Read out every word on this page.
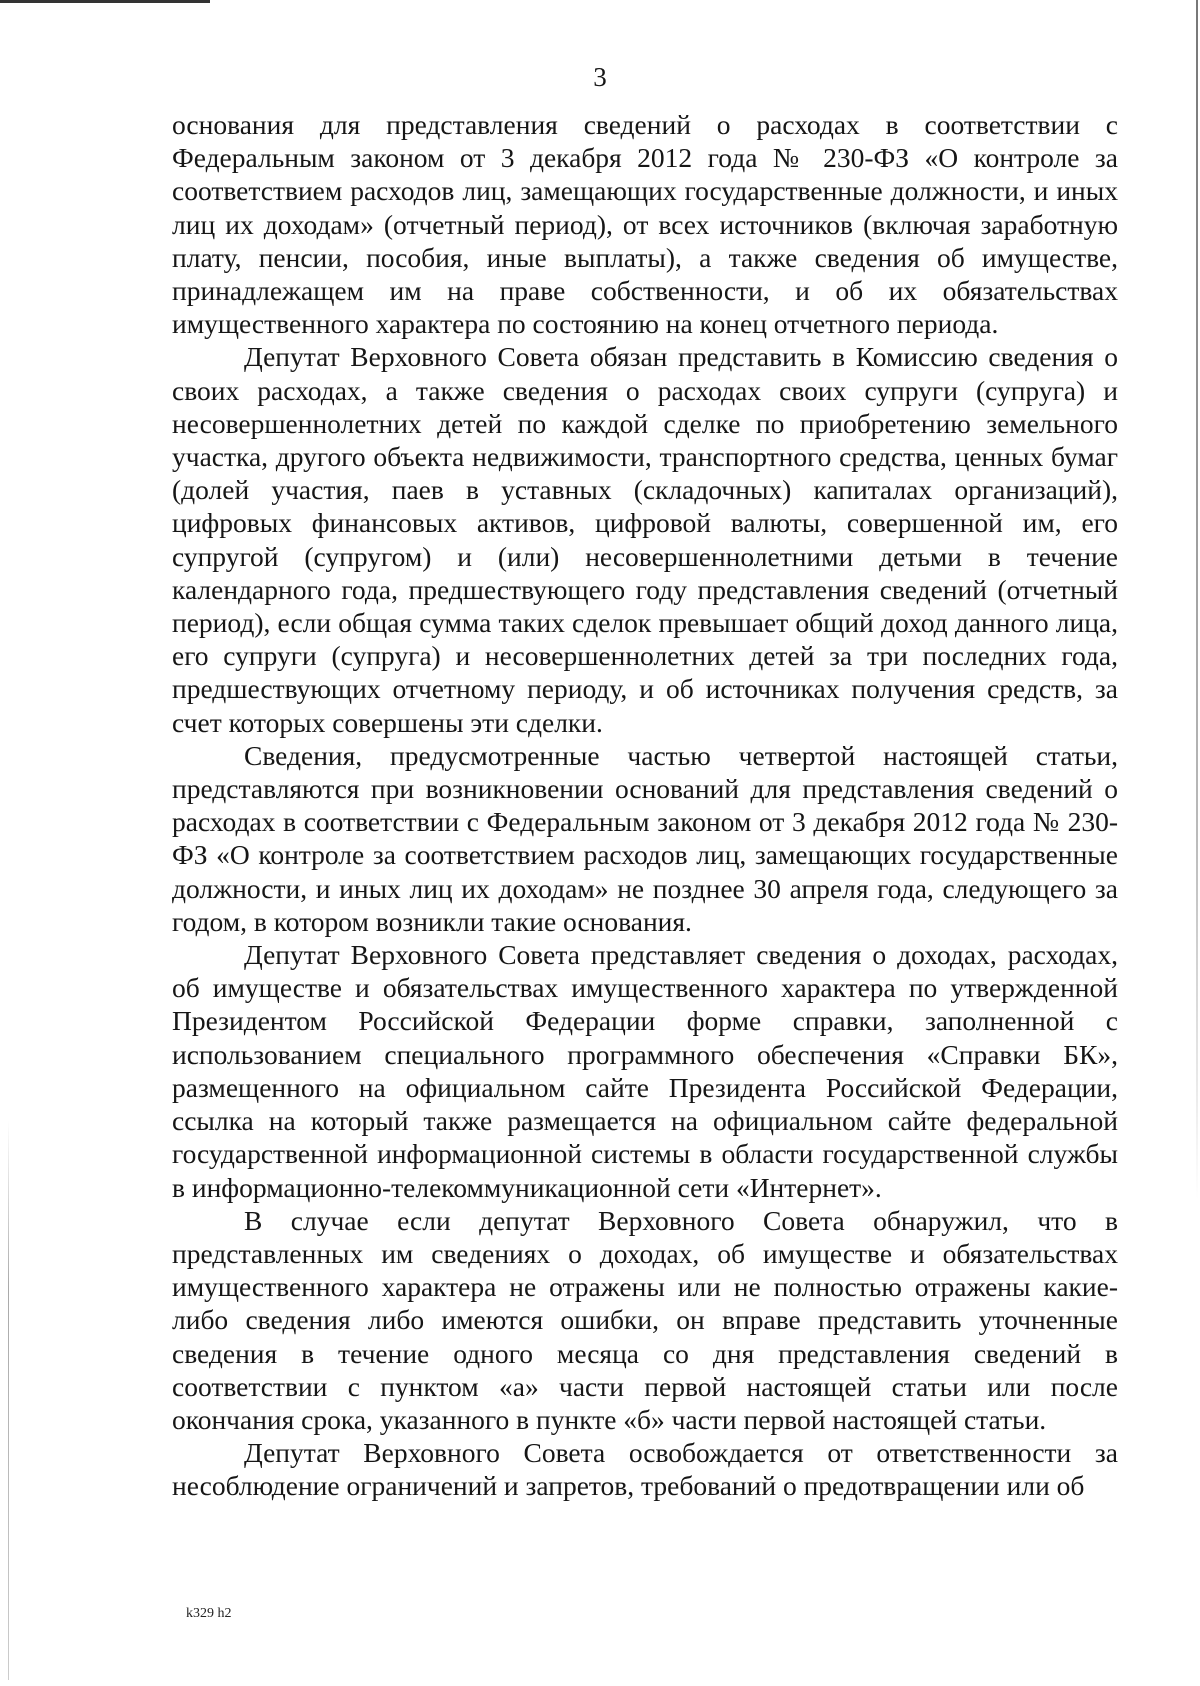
3

основания для представления сведений о расходах в соответствии с Федеральным законом от 3 декабря 2012 года № 230-ФЗ «О контроле за соответствием расходов лиц, замещающих государственные должности, и иных лиц их доходам» (отчетный период), от всех источников (включая заработную плату, пенсии, пособия, иные выплаты), а также сведения об имуществе, принадлежащем им на праве собственности, и об их обязательствах имущественного характера по состоянию на конец отчетного периода.

Депутат Верховного Совета обязан представить в Комиссию сведения о своих расходах, а также сведения о расходах своих супруги (супруга) и несовершеннолетних детей по каждой сделке по приобретению земельного участка, другого объекта недвижимости, транспортного средства, ценных бумаг (долей участия, паев в уставных (складочных) капиталах организаций), цифровых финансовых активов, цифровой валюты, совершенной им, его супругой (супругом) и (или) несовершеннолетними детьми в течение календарного года, предшествующего году представления сведений (отчетный период), если общая сумма таких сделок превышает общий доход данного лица, его супруги (супруга) и несовершеннолетних детей за три последних года, предшествующих отчетному периоду, и об источниках получения средств, за счет которых совершены эти сделки.

Сведения, предусмотренные частью четвертой настоящей статьи, представляются при возникновении оснований для представления сведений о расходах в соответствии с Федеральным законом от 3 декабря 2012 года № 230-ФЗ «О контроле за соответствием расходов лиц, замещающих государственные должности, и иных лиц их доходам» не позднее 30 апреля года, следующего за годом, в котором возникли такие основания.

Депутат Верховного Совета представляет сведения о доходах, расходах, об имуществе и обязательствах имущественного характера по утвержденной Президентом Российской Федерации форме справки, заполненной с использованием специального программного обеспечения «Справки БК», размещенного на официальном сайте Президента Российской Федерации, ссылка на который также размещается на официальном сайте федеральной государственной информационной системы в области государственной службы в информационно-телекоммуникационной сети «Интернет».

В случае если депутат Верховного Совета обнаружил, что в представленных им сведениях о доходах, об имуществе и обязательствах имущественного характера не отражены или не полностью отражены какие-либо сведения либо имеются ошибки, он вправе представить уточненные сведения в течение одного месяца со дня представления сведений в соответствии с пунктом «а» части первой настоящей статьи или после окончания срока, указанного в пункте «б» части первой настоящей статьи.

Депутат Верховного Совета освобождается от ответственности за несоблюдение ограничений и запретов, требований о предотвращении или об

k329 h2
